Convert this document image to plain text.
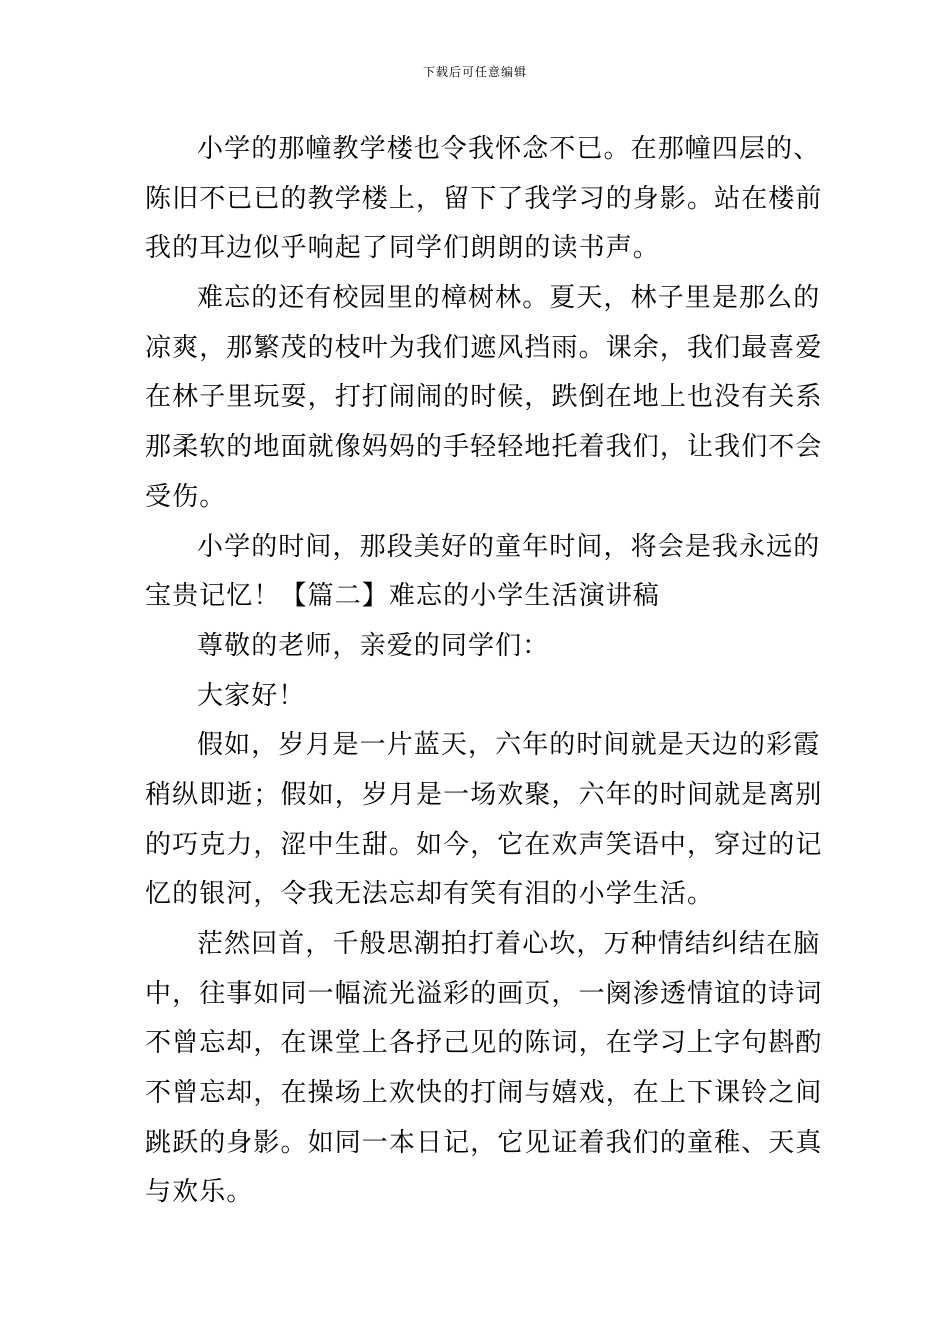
下载后可任意编辑

小学的那幢教学楼也令我怀念不已。在那幢四层的、
陈旧不已已的教学楼上，留下了我学习的身影。站在楼前
我的耳边似乎响起了同学们朗朗的读书声。

难忘的还有校园里的樟树林。夏天，林子里是那么的
凉爽，那繁茂的枝叶为我们遮风挡雨。课余，我们最喜爱
在林子里玩耍，打打闹闹的时候，跌倒在地上也没有关系
那柔软的地面就像妈妈的手轻轻地托着我们，让我们不会
受伤。

小学的时间，那段美好的童年时间，将会是我永远的
宝贵记忆！【篇二】难忘的小学生活演讲稿

尊敬的老师，亲爱的同学们：

大家好！

假如，岁月是一片蓝天，六年的时间就是天边的彩霞
稍纵即逝；假如，岁月是一场欢聚，六年的时间就是离别
的巧克力，涩中生甜。如今，它在欢声笑语中，穿过的记
忆的银河，令我无法忘却有笑有泪的小学生活。

茫然回首，千般思潮拍打着心坎，万种情结纠结在脑
中，往事如同一幅流光溢彩的画页，一阕渗透情谊的诗词
不曾忘却，在课堂上各抒己见的陈词，在学习上字句斟酌
不曾忘却，在操场上欢快的打闹与嬉戏，在上下课铃之间
跳跃的身影。如同一本日记，它见证着我们的童稚、天真
与欢乐。
